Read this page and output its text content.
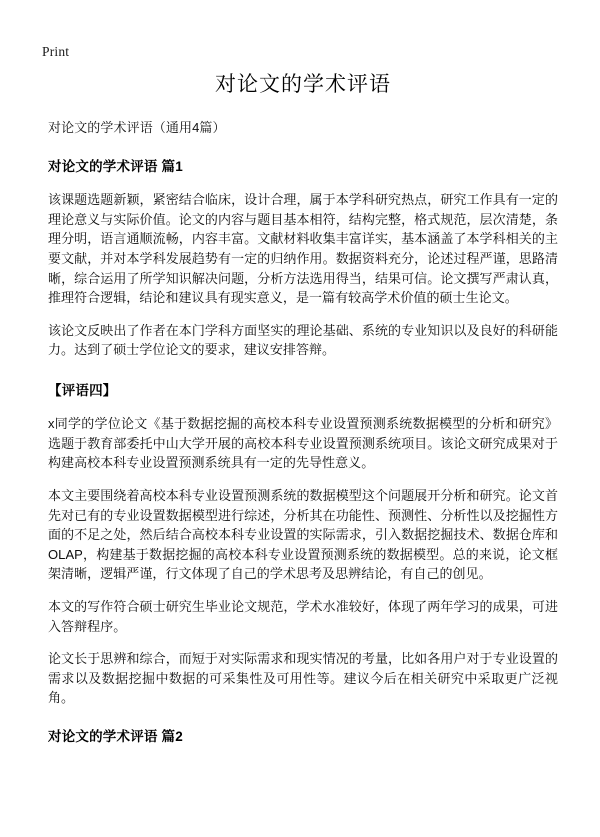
Print
对论文的学术评语
对论文的学术评语（通用4篇）
对论文的学术评语 篇1

该课题选题新颖，紧密结合临床，设计合理，属于本学科研究热点，研究工作具有一定的理论意义与实际价值。论文的内容与题目基本相符，结构完整，格式规范，层次清楚，条理分明，语言通顺流畅，内容丰富。文献材料收集丰富详实，基本涵盖了本学科相关的主要文献，并对本学科发展趋势有一定的归纳作用。数据资料充分，论述过程严谨，思路清晰，综合运用了所学知识解决问题，分析方法选用得当，结果可信。论文撰写严肃认真，推理符合逻辑，结论和建议具有现实意义，是一篇有较高学术价值的硕士生论文。

该论文反映出了作者在本门学科方面坚实的理论基础、系统的专业知识以及良好的科研能力。达到了硕士学位论文的要求，建议安排答辩。

【评语四】

x同学的学位论文《基于数据挖掘的高校本科专业设置预测系统数据模型的分析和研究》选题于教育部委托中山大学开展的高校本科专业设置预测系统项目。该论文研究成果对于构建高校本科专业设置预测系统具有一定的先导性意义。

本文主要围绕着高校本科专业设置预测系统的数据模型这个问题展开分析和研究。论文首先对已有的专业设置数据模型进行综述，分析其在功能性、预测性、分析性以及挖掘性方面的不足之处，然后结合高校本科专业设置的实际需求，引入数据挖掘技术、数据仓库和OLAP，构建基于数据挖掘的高校本科专业设置预测系统的数据模型。总的来说，论文框架清晰，逻辑严谨，行文体现了自己的学术思考及思辨结论，有自己的创见。

本文的写作符合硕士研究生毕业论文规范，学术水准较好，体现了两年学习的成果，可进入答辩程序。

论文长于思辨和综合，而短于对实际需求和现实情况的考量，比如各用户对于专业设置的需求以及数据挖掘中数据的可采集性及可用性等。建议今后在相关研究中采取更广泛视角。

对论文的学术评语 篇2
